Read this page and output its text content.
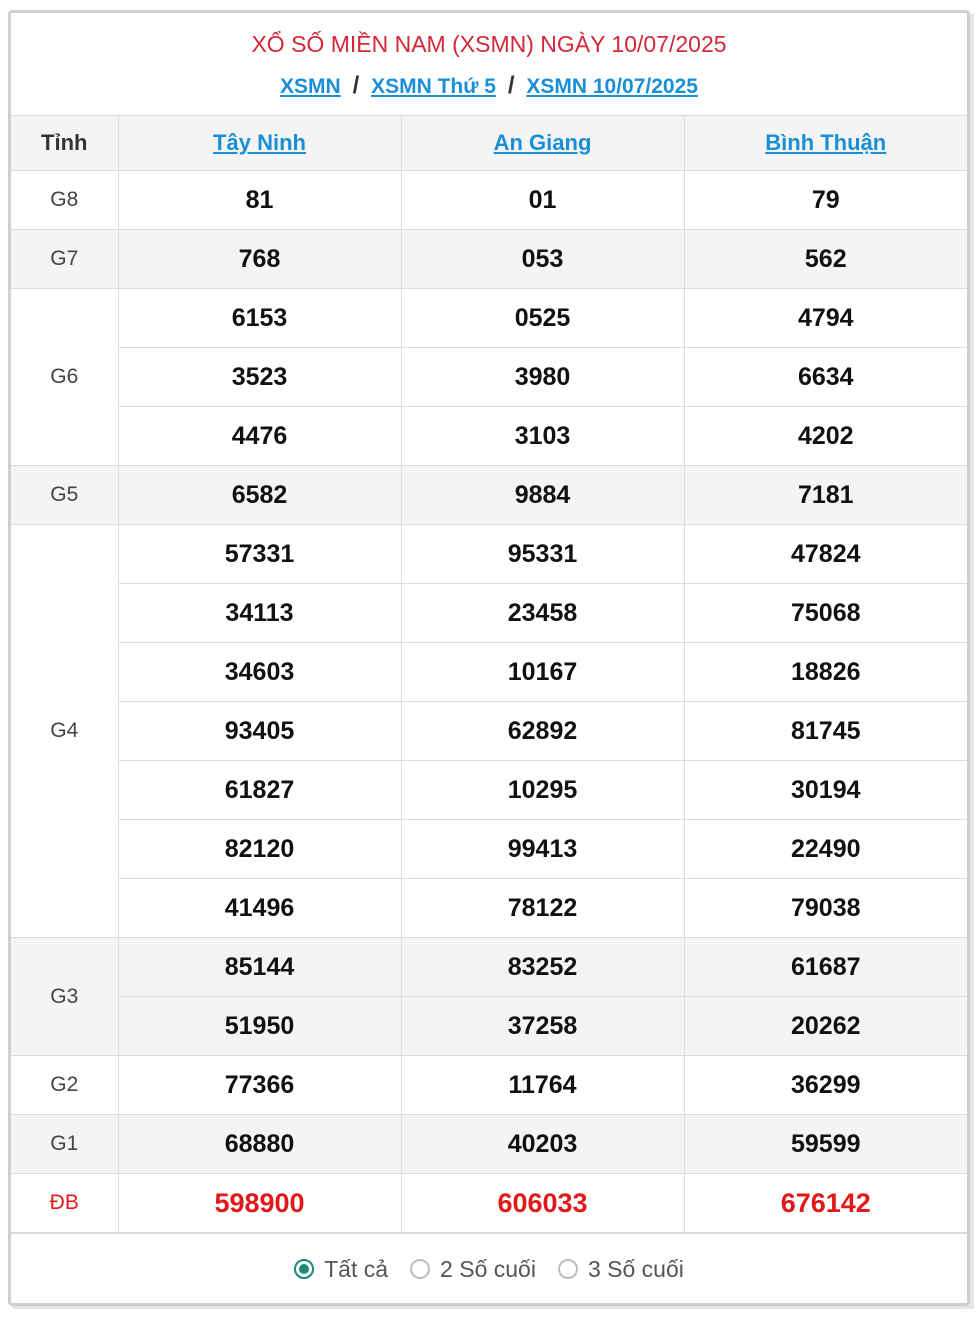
XỔ SỐ MIỀN NAM (XSMN) NGÀY 10/07/2025
XSMN / XSMN Thứ 5 / XSMN 10/07/2025
Tỉnh	Tây Ninh	An Giang	Bình Thuận
G8	81	01	79
G7	768	053	562
G6	6153	0525	4794
	3523	3980	6634
	4476	3103	4202
G5	6582	9884	7181
G4	57331	95331	47824
	34113	23458	75068
	34603	10167	18826
	93405	62892	81745
	61827	10295	30194
	82120	99413	22490
	41496	78122	79038
G3	85144	83252	61687
	51950	37258	20262
G2	77366	11764	36299
G1	68880	40203	59599
ĐB	598900	606033	676142
Tất cả 2 Số cuối 3 Số cuối
